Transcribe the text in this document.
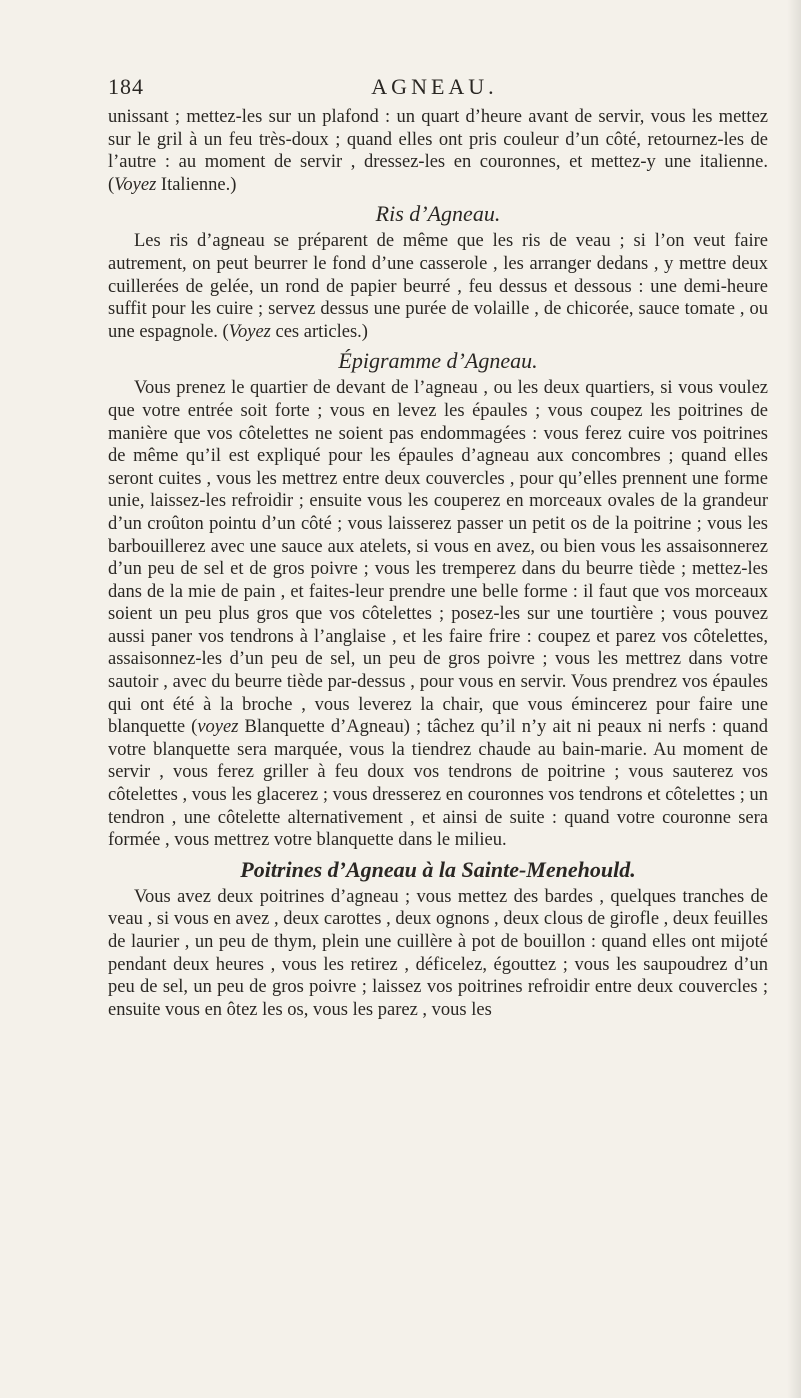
184	AGNEAU.

unissant ; mettez-les sur un plafond : un quart d’heure avant de servir, vous les mettez sur le gril à un feu très-doux ; quand elles ont pris couleur d’un côté, retournez-les de l’autre : au moment de servir , dressez-les en couronnes, et mettez-y une italienne. (Voyez Italienne.)

Ris d’Agneau.

Les ris d’agneau se préparent de même que les ris de veau ; si l’on veut faire autrement, on peut beurrer le fond d’une casserole , les arranger dedans , y mettre deux cuillerées de gelée, un rond de papier beurré , feu dessus et dessous : une demi-heure suffit pour les cuire ; servez dessus une purée de volaille , de chicorée, sauce tomate , ou une espagnole. (Voyez ces articles.)

Épigramme d’Agneau.

Vous prenez le quartier de devant de l’agneau , ou les deux quartiers, si vous voulez que votre entrée soit forte ; vous en levez les épaules ; vous coupez les poitrines de manière que vos côtelettes ne soient pas endommagées : vous ferez cuire vos poitrines de même qu’il est expliqué pour les épaules d’agneau aux concombres ; quand elles seront cuites , vous les mettrez entre deux couvercles , pour qu’elles prennent une forme unie, laissez-les refroidir ; ensuite vous les couperez en morceaux ovales de la grandeur d’un croûton pointu d’un côté ; vous laisserez passer un petit os de la poitrine ; vous les barbouillerez avec une sauce aux atelets, si vous en avez, ou bien vous les assaisonnerez d’un peu de sel et de gros poivre ; vous les tremperez dans du beurre tiède ; mettez-les dans de la mie de pain , et faites-leur prendre une belle forme : il faut que vos morceaux soient un peu plus gros que vos côtelettes ; posez-les sur une tourtière ; vous pouvez aussi paner vos tendrons à l’anglaise , et les faire frire : coupez et parez vos côtelettes, assaisonnez-les d’un peu de sel, un peu de gros poivre ; vous les mettrez dans votre sautoir , avec du beurre tiède par-dessus , pour vous en servir. Vous prendrez vos épaules qui ont été à la broche , vous leverez la chair, que vous émincerez pour faire une blanquette (voyez Blanquette d’Agneau) ; tâchez qu’il n’y ait ni peaux ni nerfs : quand votre blanquette sera marquée, vous la tiendrez chaude au bain-marie. Au moment de servir , vous ferez griller à feu doux vos tendrons de poitrine ; vous sauterez vos côtelettes , vous les glacerez ; vous dresserez en couronnes vos tendrons et côtelettes ; un tendron , une côtelette alternativement , et ainsi de suite : quand votre couronne sera formée , vous mettrez votre blanquette dans le milieu.

Poitrines d’Agneau à la Sainte-Menehould.

Vous avez deux poitrines d’agneau ; vous mettez des bardes , quelques tranches de veau , si vous en avez , deux carottes , deux ognons , deux clous de girofle , deux feuilles de laurier , un peu de thym, plein une cuillère à pot de bouillon : quand elles ont mijoté pendant deux heures , vous les retirez , déficelez, égouttez ; vous les saupoudrez d’un peu de sel, un peu de gros poivre ; laissez vos poitrines refroidir entre deux couvercles ; ensuite vous en ôtez les os, vous les parez , vous les
